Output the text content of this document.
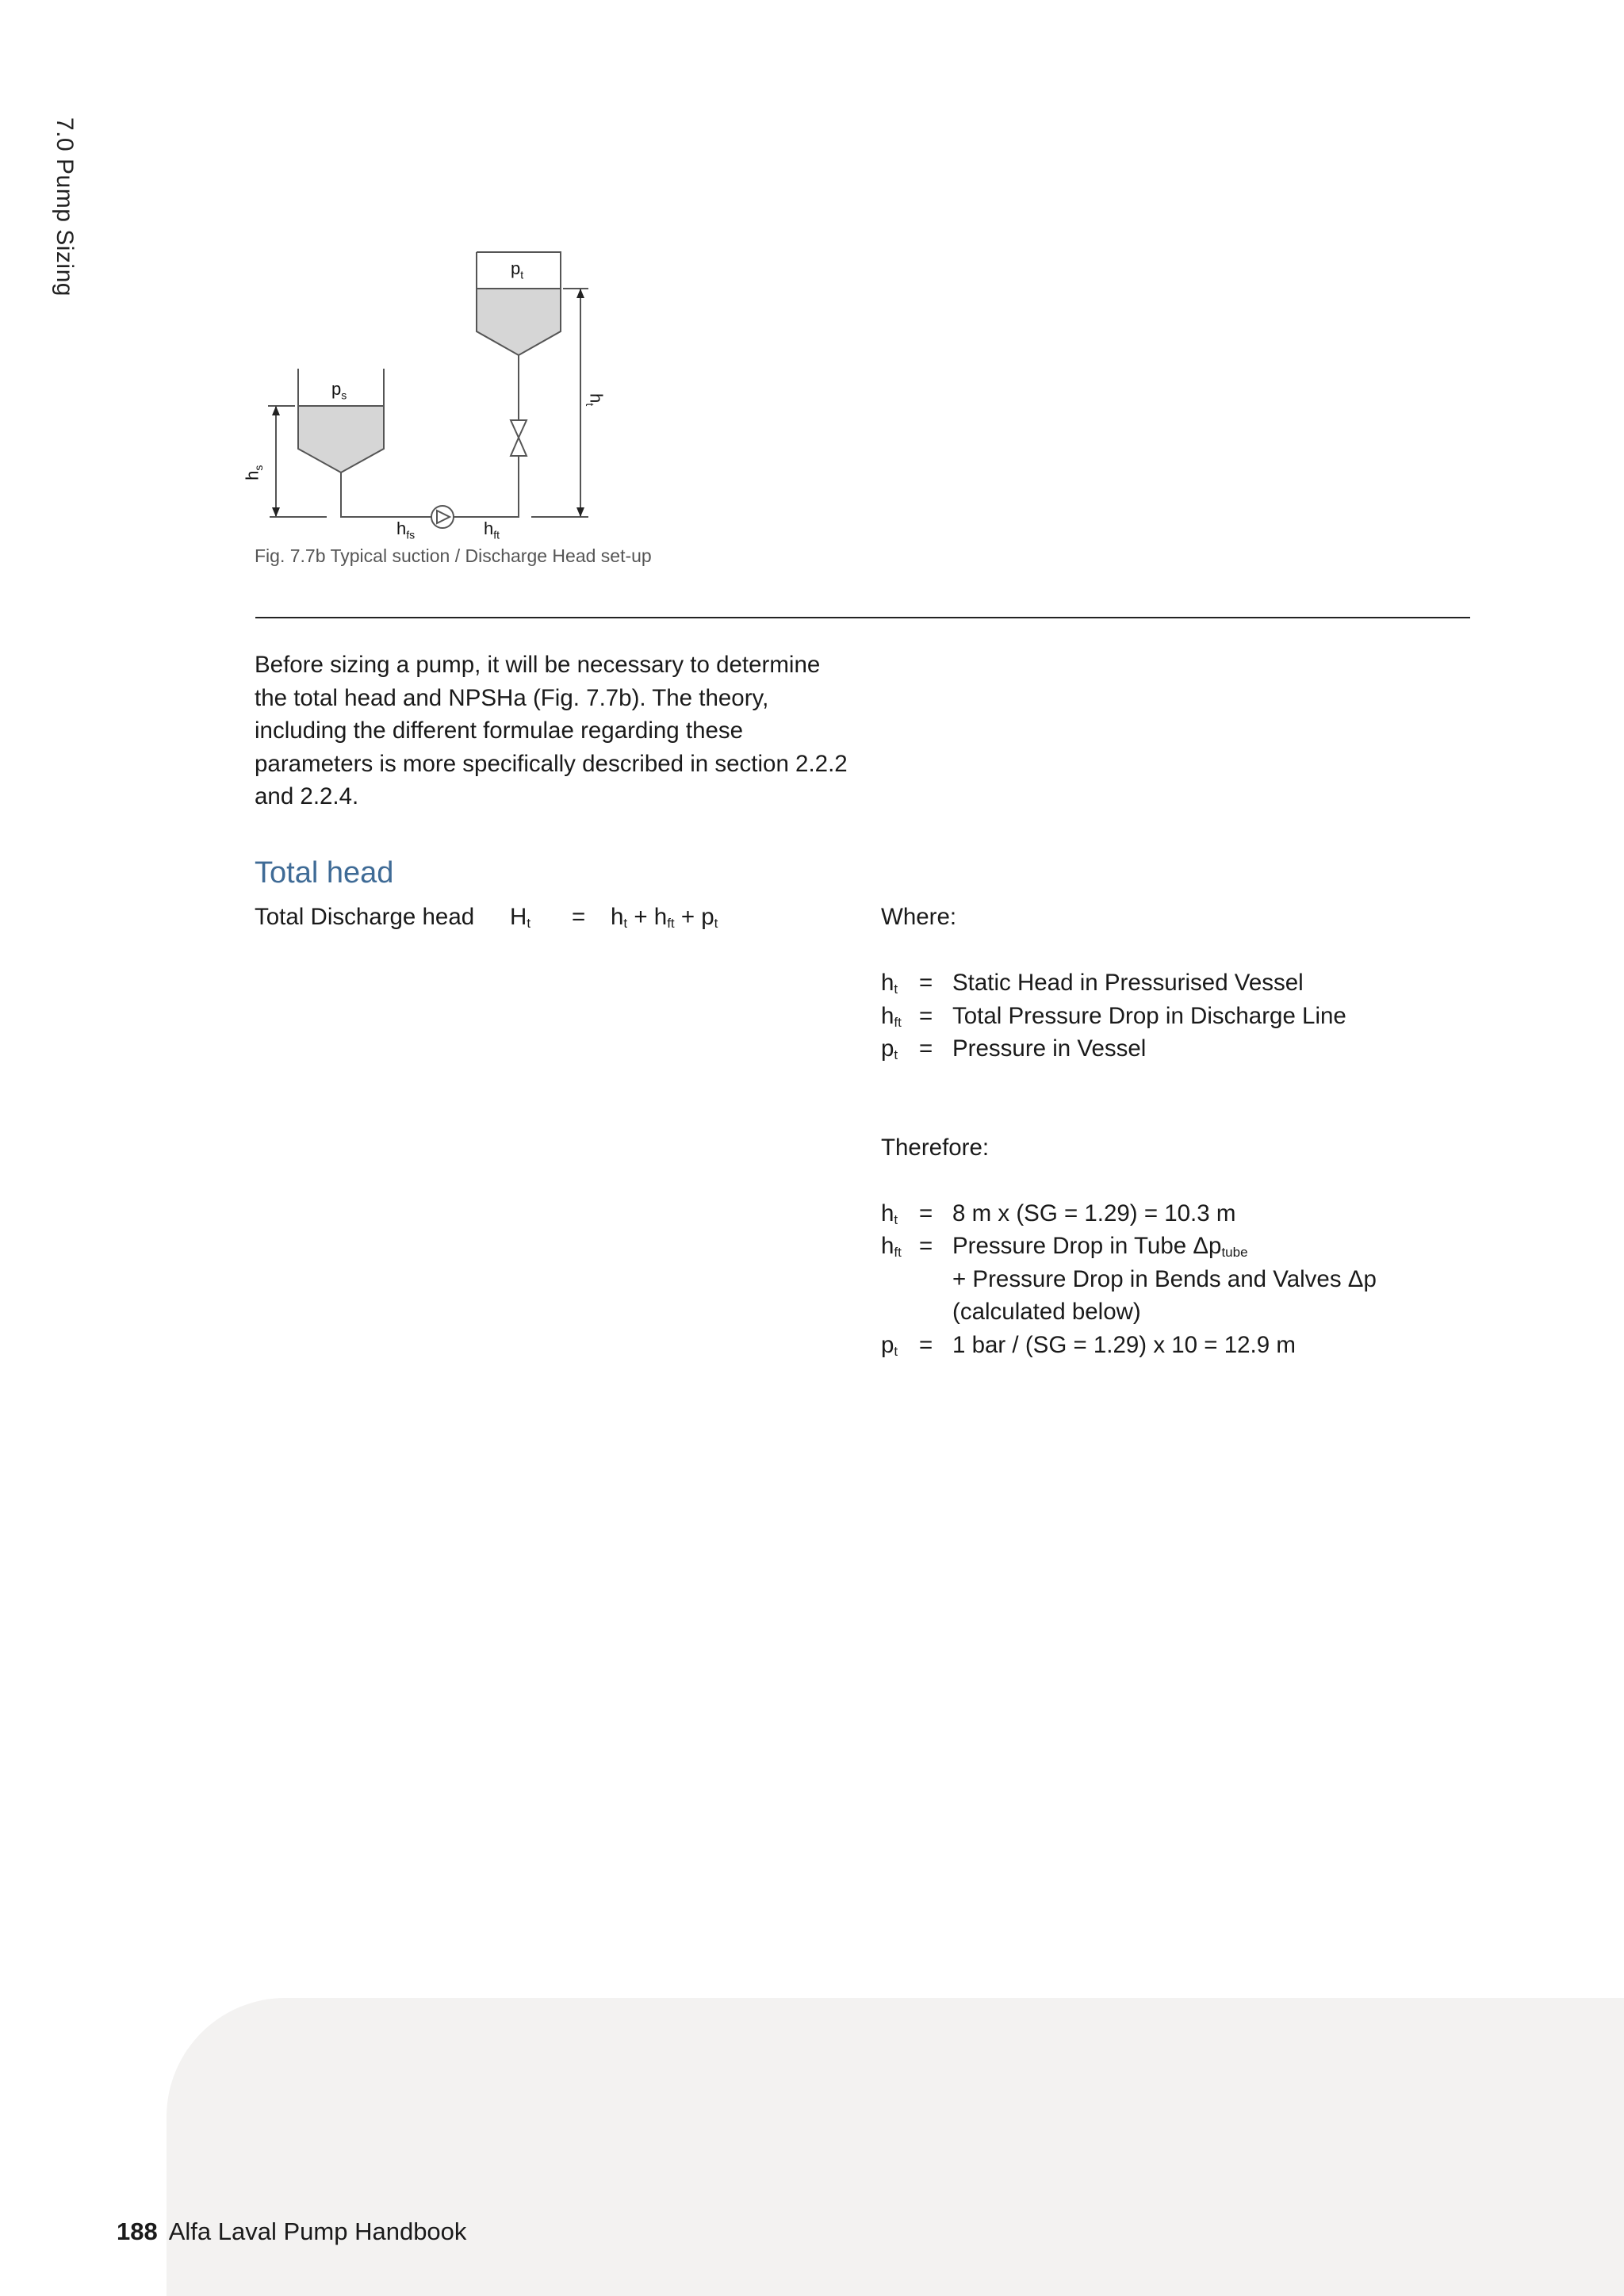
7.0 Pump Sizing
$p_s$
$p_t$
$h_s$
$h_t$
$h_{fs}$	$h_{ft}$
Fig. 7.7b Typical suction / Discharge Head set-up
Before sizing a pump, it will be necessary to determine the total head and NPSHa (Fig. 7.7b). The theory, including the different formulae regarding these parameters is more specifically described in section 2.2.2 and 2.2.4.
Total head
Total Discharge head $H_t = h_t + h_{ft} + p_t$	Where:
$h_t$ = Static Head in Pressurised Vessel
$h_{ft}$ = Total Pressure Drop in Discharge Line
$p_t$ = Pressure in Vessel
Therefore:
$h_t = 8$ m x (SG = 1.29) = 10.3 m
$h_{ft}$ = Pressure Drop in Tube $\Delta p_{tube}$
+ Pressure Drop in Bends and Valves Δp
(calculated below)
$p_t = 1$ bar / (SG = 1.29) x 10 = 12.9 m
188 Alfa Laval Pump Handbook
